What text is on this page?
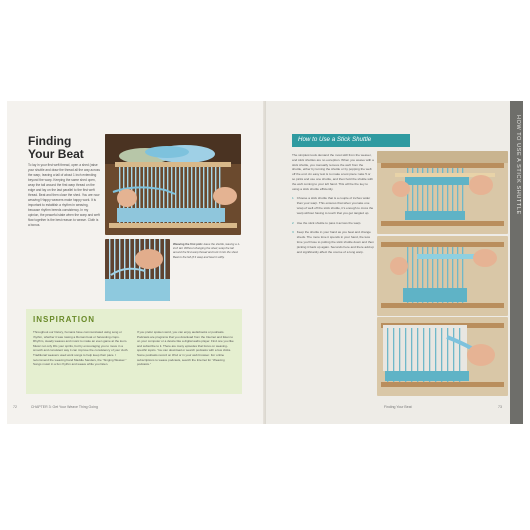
Finding Your Beat

To lay in your first weft thread, open a shed (raise your shuttle and draw the thread all the way across the warp, leaving a tail of about 1 inch extending beyond the warp. Keeping the same shed open, wrap the tail around the first warp thread on the edge and lay on the last parallel to the first weft thread. Beat and then close the shed. You are now weaving! Happy weavers make happy work. It is important to establish a rhythm in weaving, because rhythm breeds consistency. In my opinion, the peaceful state when the warp and weft flow together is the best reason to weave. Cloth is a bonus.

Weaving the first pick: leave the shuttle, leaving a 1-inch tail. Without changing the shed, wrap the tail around the first warp thread and tuck it into the shed. Beat to the fell (if it was) and beat it softly.

INSPIRATION

Throughout our history, humans have communicated using song or rhythm, whether it was rowing a Roman boat or harvesting crops. Rhythm, steady weaves and music to make an even game at the loom. Music not only lifts your spirits, but by encouraging you to move in a smooth and consistent way it can improve the consistency of your cloth. Traditional weavers used work songs to help keep their pace. I recommend the weaving band Maddie Sanders, the “Singing Weaver.” Songs music in a fun rhythm and weave while you listen.

If you prefer spoken word, you can enjoy audiobooks or podcasts. Podcasts are programs that you download from the Internet and listen to on your computer or a device like a digital audio player. Find one you like and subscribe to it. There are many episodes that focus on weaving-specific topics. You can download or search podcasts with a few clicks. Some podcasts record on iPod or in your web browser. For online subscriptions to weave podcasts, search the Internet for “Weaving podcasts.”

72	CHAPTER 3: Get Your Weave Thing Going
How to Use a Stick Shuttle
The simplest tools demand the most skill from the weaver, and stick shuttles are no exception. When you weave with a stick shuttle, you manually remove the weft from the shuttle, either by turning the shuttle or by popping the weft off the end. An easy test is to make a test piece: take 5 or so picks and use one shuttle, and then hold the shuttle with the weft coming to your left hand. This will be the key to using a stick shuttle efficiently.
1 Choose a stick shuttle that is a couple of inches wider than your warp. This ensures that when you take one wrap of weft off the stick shuttle, it's enough to cross the warp without having to touch that you get tangled up.
2 Use the stick shuttle to pass it across the warp.
3 Keep the shuttle in your hand as you beat and change sheds. The more time it spends in your hand, the less time you'll lose to putting the stick shuttle down and then picking it back up again. Seconds here and there add up and significantly affect the course of a long warp.
HOW TO USE A STICK SHUTTLE
Finding Your Beat	73
